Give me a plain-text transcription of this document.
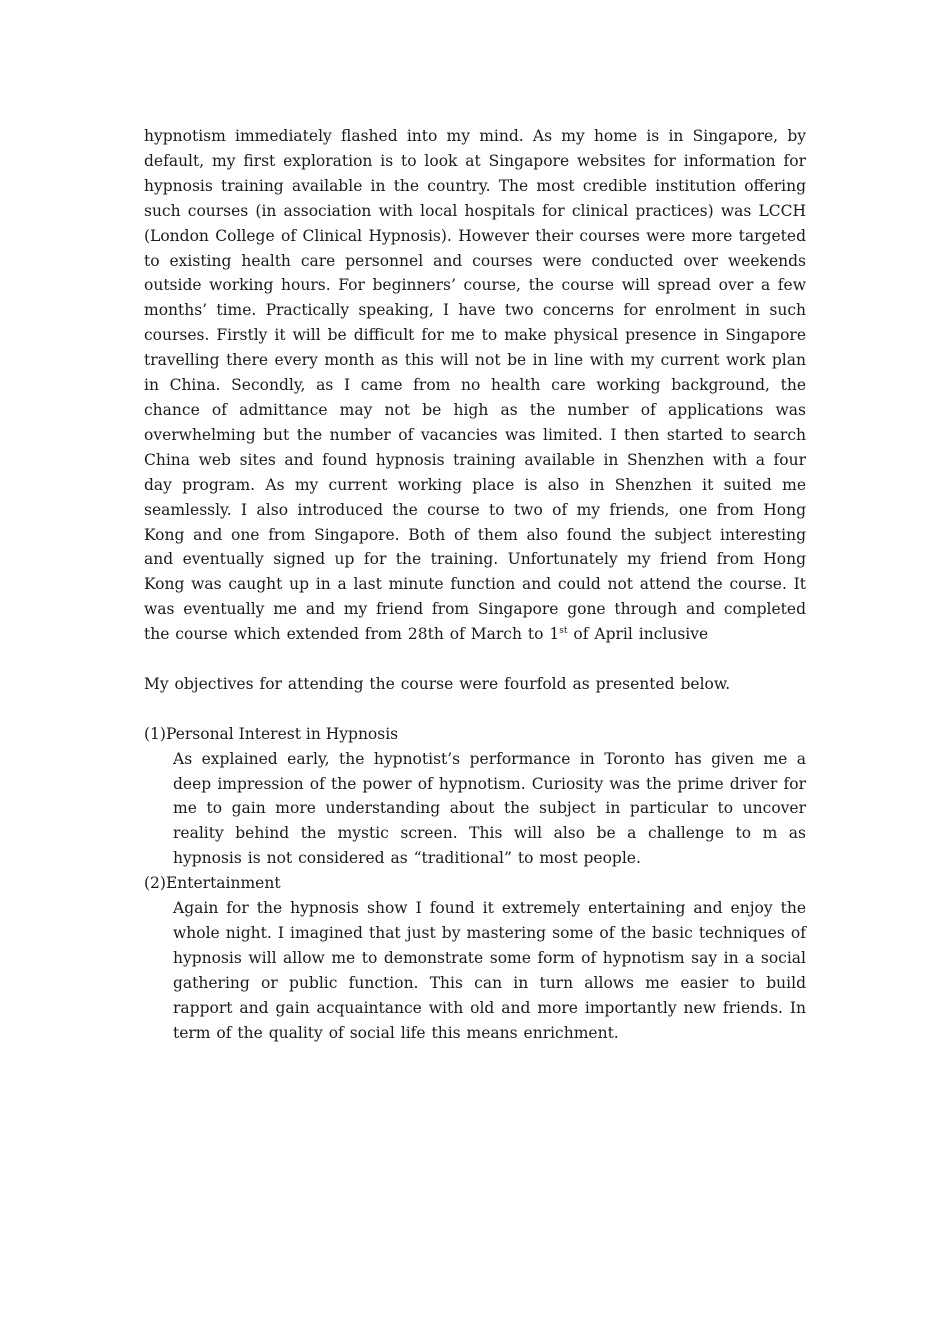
hypnotism immediately flashed into my mind. As my home is in Singapore, by default, my first exploration is to look at Singapore websites for information for hypnosis training available in the country. The most credible institution offering such courses (in association with local hospitals for clinical practices) was LCCH (London College of Clinical Hypnosis). However their courses were more targeted to existing health care personnel and courses were conducted over weekends outside working hours. For beginners’ course, the course will spread over a few months’ time. Practically speaking, I have two concerns for enrolment in such courses. Firstly it will be difficult for me to make physical presence in Singapore travelling there every month as this will not be in line with my current work plan in China. Secondly, as I came from no health care working background, the chance of admittance may not be high as the number of applications was overwhelming but the number of vacancies was limited. I then started to search China web sites and found hypnosis training available in Shenzhen with a four day program. As my current working place is also in Shenzhen it suited me seamlessly. I also introduced the course to two of my friends, one from Hong Kong and one from Singapore. Both of them also found the subject interesting and eventually signed up for the training. Unfortunately my friend from Hong Kong was caught up in a last minute function and could not attend the course. It was eventually me and my friend from Singapore gone through and completed the course which extended from 28th of March to 1st of April inclusive

My objectives for attending the course were fourfold as presented below.

(1)Personal Interest in Hypnosis

As explained early, the hypnotist’s performance in Toronto has given me a deep impression of the power of hypnotism. Curiosity was the prime driver for me to gain more understanding about the subject in particular to uncover reality behind the mystic screen. This will also be a challenge to m as hypnosis is not considered as “traditional” to most people.

(2)Entertainment

Again for the hypnosis show I found it extremely entertaining and enjoy the whole night. I imagined that just by mastering some of the basic techniques of hypnosis will allow me to demonstrate some form of hypnotism say in a social gathering or public function. This can in turn allows me easier to build rapport and gain acquaintance with old and more importantly new friends. In term of the quality of social life this means enrichment.
